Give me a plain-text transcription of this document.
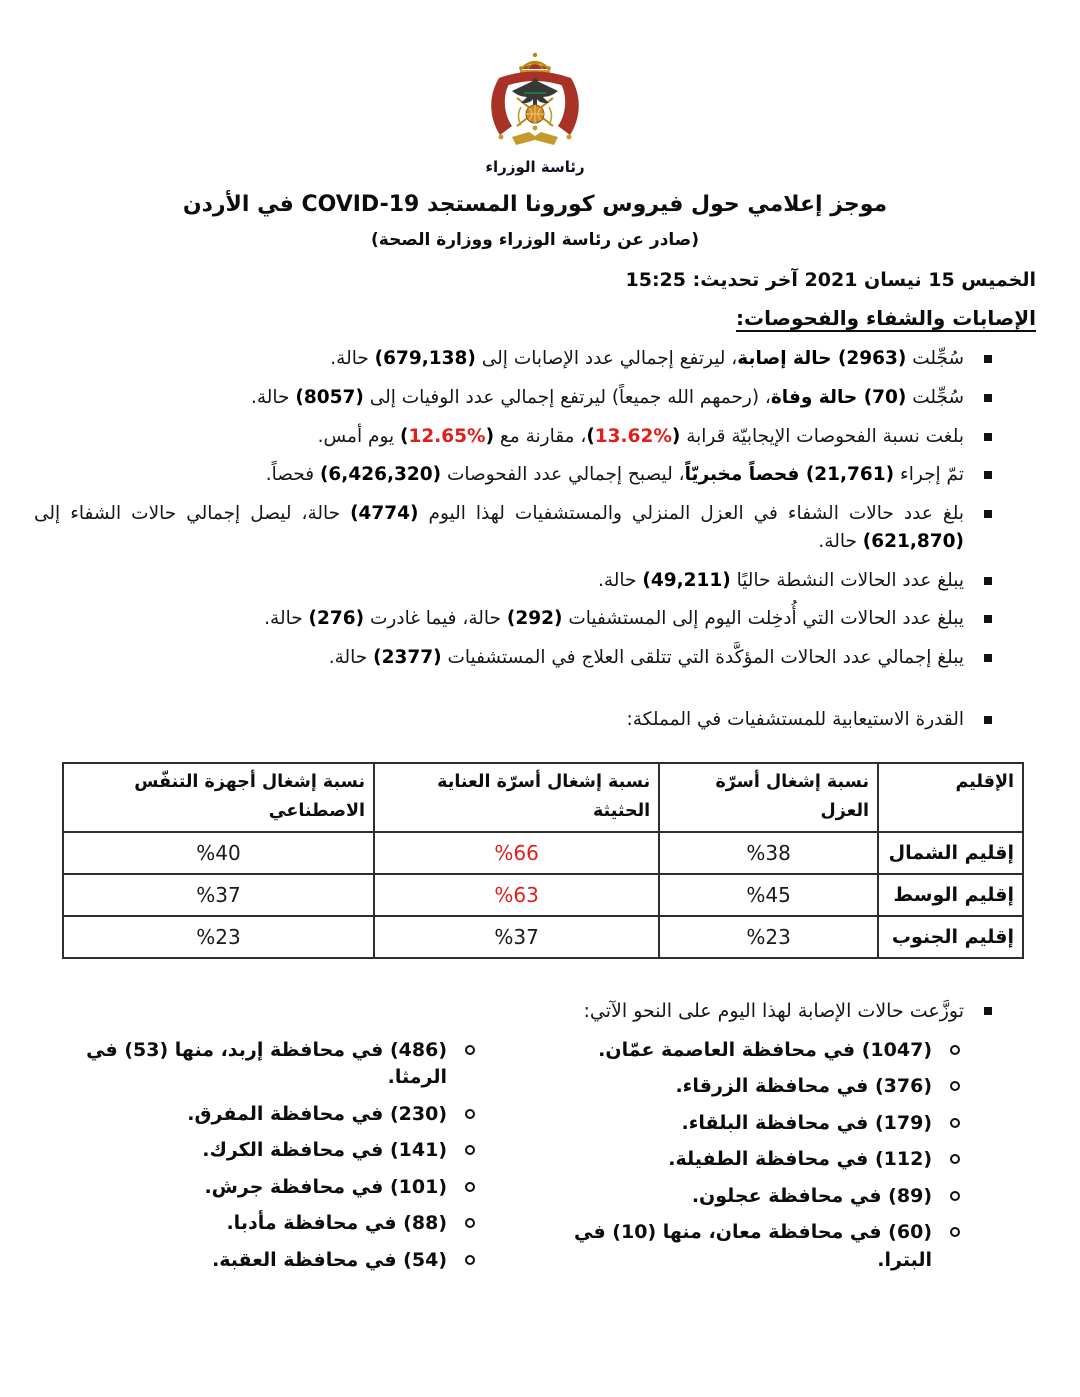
رئاسة الوزراء
موجز إعلامي حول فيروس كورونا المستجد COVID-19 في الأردن
(صادر عن رئاسة الوزراء ووزارة الصحة)
الخميس 15 نيسان 2021 آخر تحديث: 15:25
الإصابات والشفاء والفحوصات:
سُجِّلت (2963) حالة إصابة، ليرتفع إجمالي عدد الإصابات إلى (679,138) حالة.
سُجِّلت (70) حالة وفاة، (رحمهم الله جميعاً) ليرتفع إجمالي عدد الوفيات إلى (8057) حالة.
بلغت نسبة الفحوصات الإيجابيّة قرابة (%13.62)، مقارنة مع (%12.65) يوم أمس.
تمّ إجراء (21,761) فحصاً مخبريّاً، ليصبح إجمالي عدد الفحوصات (6,426,320) فحصاً.
بلغ عدد حالات الشفاء في العزل المنزلي والمستشفيات لهذا اليوم (4774) حالة، ليصل إجمالي حالات الشفاء إلى (621,870) حالة.
يبلغ عدد الحالات النشطة حاليًا (49,211) حالة.
يبلغ عدد الحالات التي أُدخِلت اليوم إلى المستشفيات (292) حالة، فيما غادرت (276) حالة.
يبلغ إجمالي عدد الحالات المؤكَّدة التي تتلقى العلاج في المستشفيات (2377) حالة.
القدرة الاستيعابية للمستشفيات في المملكة:
الإقليم	نسبة إشغال أسرّة العزل	نسبة إشغال أسرّة العناية الحثيثة	نسبة إشغال أجهزة التنفّس الاصطناعي
إقليم الشمال	%38	%66	%40
إقليم الوسط	%45	%63	%37
إقليم الجنوب	%23	%37	%23
توزَّعت حالات الإصابة لهذا اليوم على النحو الآتي:
(1047) في محافظة العاصمة عمّان.
(376) في محافظة الزرقاء.
(179) في محافظة البلقاء.
(112) في محافظة الطفيلة.
(89) في محافظة عجلون.
(60) في محافظة معان، منها (10) في البترا.
(486) في محافظة إربد، منها (53) في الرمثا.
(230) في محافظة المفرق.
(141) في محافظة الكرك.
(101) في محافظة جرش.
(88) في محافظة مأدبا.
(54) في محافظة العقبة.
